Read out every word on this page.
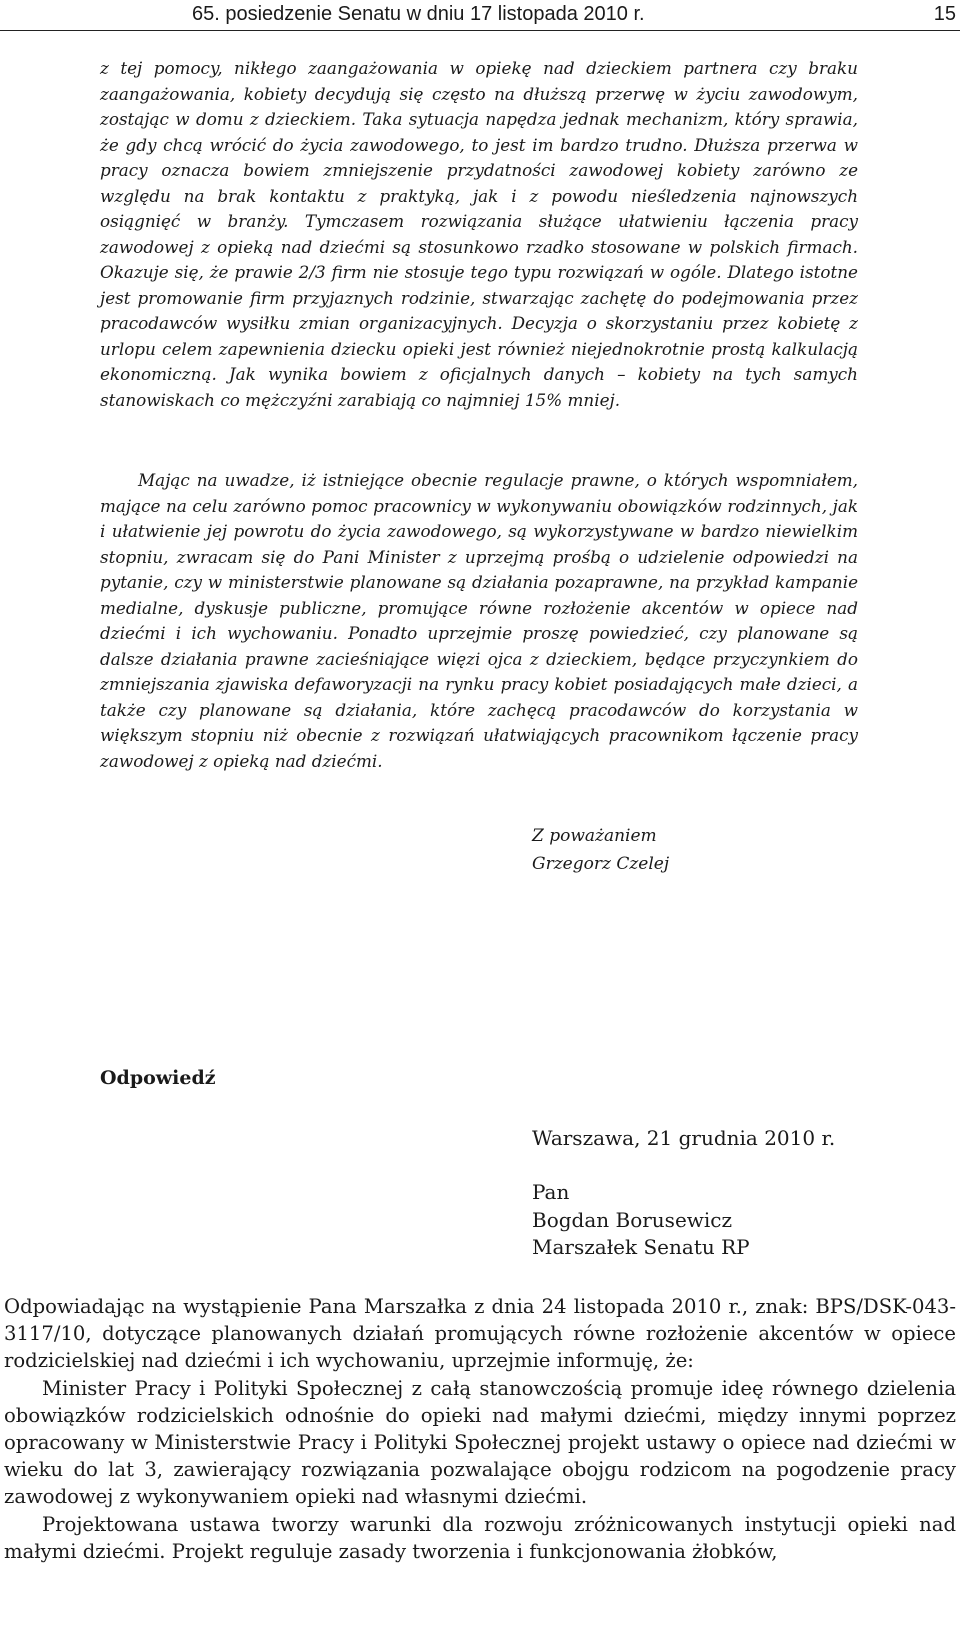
65. posiedzenie Senatu w dniu 17 listopada 2010 r.	15

z tej pomocy, nikłego zaangażowania w opiekę nad dzieckiem partnera czy braku zaangażowania, kobiety decydują się często na dłuższą przerwę w życiu zawodowym, zostając w domu z dzieckiem. Taka sytuacja napędza jednak mechanizm, który sprawia, że gdy chcą wrócić do życia zawodowego, to jest im bardzo trudno. Dłuższa przerwa w pracy oznacza bowiem zmniejszenie przydatności zawodowej kobiety zarówno ze względu na brak kontaktu z praktyką, jak i z powodu nieśledzenia najnowszych osiągnięć w branży. Tymczasem rozwiązania służące ułatwieniu łączenia pracy zawodowej z opieką nad dziećmi są stosunkowo rzadko stosowane w polskich firmach. Okazuje się, że prawie 2/3 firm nie stosuje tego typu rozwiązań w ogóle. Dlatego istotne jest promowanie firm przyjaznych rodzinie, stwarzając zachętę do podejmowania przez pracodawców wysiłku zmian organizacyjnych. Decyzja o skorzystaniu przez kobietę z urlopu celem zapewnienia dziecku opieki jest również niejednokrotnie prostą kalkulacją ekonomiczną. Jak wynika bowiem z oficjalnych danych – kobiety na tych samych stanowiskach co mężczyźni zarabiają co najmniej 15% mniej.

Mając na uwadze, iż istniejące obecnie regulacje prawne, o których wspomniałem, mające na celu zarówno pomoc pracownicy w wykonywaniu obowiązków rodzinnych, jak i ułatwienie jej powrotu do życia zawodowego, są wykorzystywane w bardzo niewielkim stopniu, zwracam się do Pani Minister z uprzejmą prośbą o udzielenie odpowiedzi na pytanie, czy w ministerstwie planowane są działania pozaprawne, na przykład kampanie medialne, dyskusje publiczne, promujące równe rozłożenie akcentów w opiece nad dziećmi i ich wychowaniu. Ponadto uprzejmie proszę powiedzieć, czy planowane są dalsze działania prawne zacieśniające więzi ojca z dzieckiem, będące przyczynkiem do zmniejszania zjawiska defaworyzacji na rynku pracy kobiet posiadających małe dzieci, a także czy planowane są działania, które zachęcą pracodawców do korzystania w większym stopniu niż obecnie z rozwiązań ułatwiających pracownikom łączenie pracy zawodowej z opieką nad dziećmi.

Z poważaniem
Grzegorz Czelej
Odpowiedź
Warszawa, 21 grudnia 2010 r.
Pan
Bogdan Borusewicz
Marszałek Senatu RP

Odpowiadając na wystąpienie Pana Marszałka z dnia 24 listopada 2010 r., znak: BPS/DSK-043-3117/10, dotyczące planowanych działań promujących równe rozłożenie akcentów w opiece rodzicielskiej nad dziećmi i ich wychowaniu, uprzejmie informuję, że:

Minister Pracy i Polityki Społecznej z całą stanowczością promuje ideę równego dzielenia obowiązków rodzicielskich odnośnie do opieki nad małymi dziećmi, między innymi poprzez opracowany w Ministerstwie Pracy i Polityki Społecznej projekt ustawy o opiece nad dziećmi w wieku do lat 3, zawierający rozwiązania pozwalające obojgu rodzicom na pogodzenie pracy zawodowej z wykonywaniem opieki nad własnymi dziećmi.

Projektowana ustawa tworzy warunki dla rozwoju zróżnicowanych instytucji opieki nad małymi dziećmi. Projekt reguluje zasady tworzenia i funkcjonowania żłobków,
